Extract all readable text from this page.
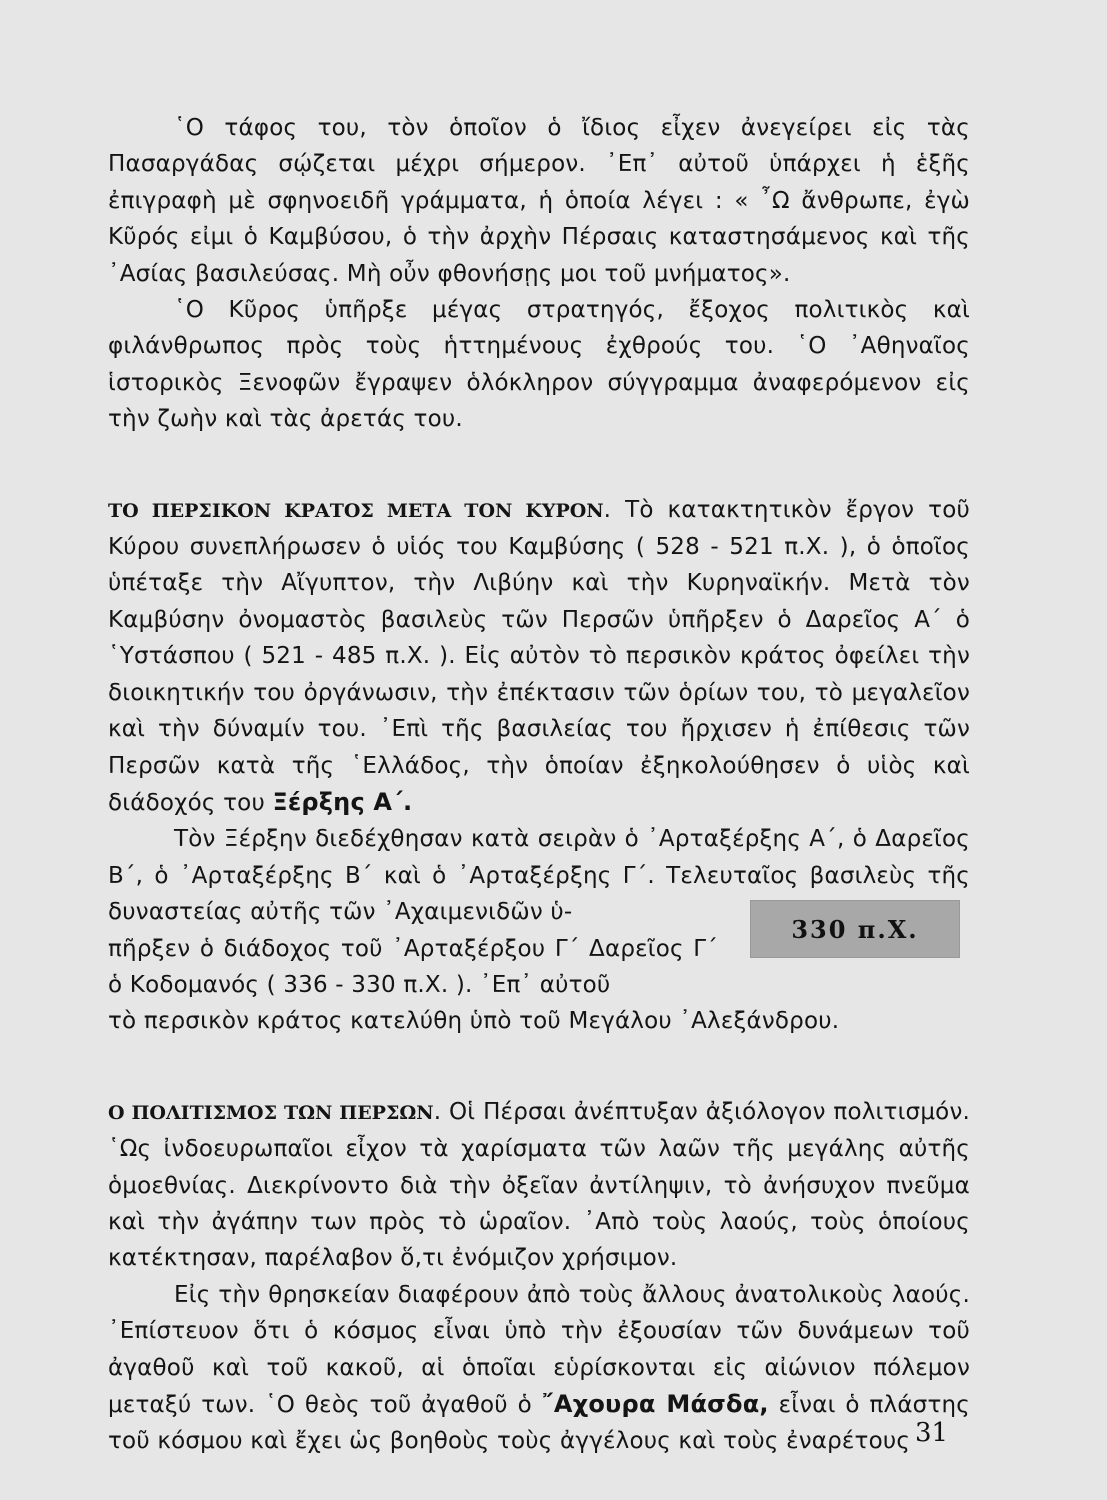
῾Ο τάφος του, τὸν ὁποῖον ὁ ἴδιος εἶχεν ἀνεγείρει εἰς τὰς Πασαργάδας σῴζεται μέχρι σήμερον. ᾿Επ᾿ αὐτοῦ ὑπάρχει ἡ ἑξῆς ἐπιγραφὴ μὲ σφηνοειδῆ γράμματα, ἡ ὁποία λέγει : « ῏Ω ἄνθρωπε, ἐγὼ Κῦρός εἰμι ὁ Καμβύσου, ὁ τὴν ἀρχὴν Πέρσαις καταστησάμενος καὶ τῆς ᾿Ασίας βασιλεύσας. Μὴ οὖν φθονήσῃς μοι τοῦ μνήματος».

῾Ο Κῦρος ὑπῆρξε μέγας στρατηγός, ἔξοχος πολιτικὸς καὶ φιλάνθρωπος πρὸς τοὺς ἡττημένους ἐχθρούς του. ῾Ο ᾿Αθηναῖος ἱστορικὸς Ξενοφῶν ἔγραψεν ὁλόκληρον σύγγραμμα ἀναφερόμενον εἰς τὴν ζωὴν καὶ τὰς ἀρετάς του.

ΤΟ ΠΕΡΣΙΚΟΝ ΚΡΑΤΟΣ ΜΕΤΑ ΤΟΝ ΚΥΡΟΝ. Τὸ κατακτητικὸν ἔργον τοῦ Κύρου συνεπλήρωσεν ὁ υἱός του Καμβύσης ( 528 - 521 π.Χ. ), ὁ ὁποῖος ὑπέταξε τὴν Αἴγυπτον, τὴν Λιβύην καὶ τὴν Κυρηναϊκήν. Μετὰ τὸν Καμβύσην ὀνομαστὸς βασιλεὺς τῶν Περσῶν ὑπῆρξεν ὁ Δαρεῖος Α΄ ὁ ῾Υστάσπου ( 521 - 485 π.Χ. ). Εἰς αὐτὸν τὸ περσικὸν κράτος ὀφείλει τὴν διοικητικήν του ὀργάνωσιν, τὴν ἐπέκτασιν τῶν ὁρίων του, τὸ μεγαλεῖον καὶ τὴν δύναμίν του. ᾿Επὶ τῆς βασιλείας του ἤρχισεν ἡ ἐπίθεσις τῶν Περσῶν κατὰ τῆς ῾Ελλάδος, τὴν ὁποίαν ἐξηκολούθησεν ὁ υἱὸς καὶ διάδοχός του Ξέρξης Α΄.

Τὸν Ξέρξην διεδέχθησαν κατὰ σειρὰν ὁ ᾿Αρταξέρξης Α΄, ὁ Δαρεῖος Β΄, ὁ ᾿Αρταξέρξης Β΄ καὶ ὁ ᾿Αρταξέρξης Γ΄. Τελευταῖος βασιλεὺς τῆς δυναστείας αὐτῆς τῶν ᾿Αχαιμενιδῶν ὑ-

πῆρξεν ὁ διάδοχος τοῦ ᾿Αρταξέρξου Γ΄ Δαρεῖος Γ΄ ὁ Κοδομανός ( 336 - 330 π.Χ. ). ᾿Επ᾿ αὐτοῦ

τὸ περσικὸν κράτος κατελύθη ὑπὸ τοῦ Μεγάλου ᾿Αλεξάνδρου.

Ο ΠΟΛΙΤΙΣΜΟΣ ΤΩΝ ΠΕΡΣΩΝ. Οἱ Πέρσαι ἀνέπτυξαν ἀξιόλογον πολιτισμόν. ῾Ως ἰνδοευρωπαῖοι εἶχον τὰ χαρίσματα τῶν λαῶν τῆς μεγάλης αὐτῆς ὁμοεθνίας. Διεκρίνοντο διὰ τὴν ὀξεῖαν ἀντίληψιν, τὸ ἀνήσυχον πνεῦμα καὶ τὴν ἀγάπην των πρὸς τὸ ὡραῖον. ᾿Απὸ τοὺς λαούς, τοὺς ὁποίους κατέκτησαν, παρέλαβον ὅ,τι ἐνόμιζον χρήσιμον.

Εἰς τὴν θρησκείαν διαφέρουν ἀπὸ τοὺς ἄλλους ἀνατολικοὺς λαούς. ᾿Επίστευον ὅτι ὁ κόσμος εἶναι ὑπὸ τὴν ἐξουσίαν τῶν δυνάμεων τοῦ ἀγαθοῦ καὶ τοῦ κακοῦ, αἱ ὁποῖαι εὑρίσκονται εἰς αἰώνιον πόλεμον μεταξύ των. ῾Ο θεὸς τοῦ ἀγαθοῦ ὁ ῎Αχουρα Μάσδα, εἶναι ὁ πλάστης τοῦ κόσμου καὶ ἔχει ὡς βοηθοὺς τοὺς ἀγγέλους καὶ τοὺς ἐναρέτους

330 π.Χ.
31
